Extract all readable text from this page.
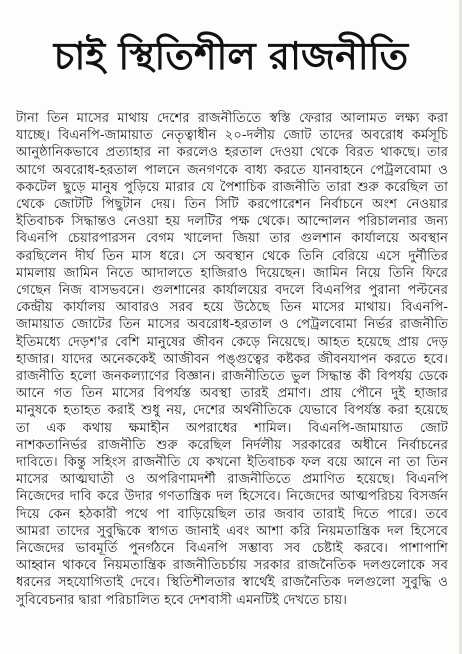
চাই স্থিতিশীল রাজনীতি
টানা তিন মাসের মাথায় দেশের রাজনীতিতে স্বস্তি ফেরার আলামত লক্ষ্য করা
যাচ্ছে। বিএনপি-জামায়াত নেতৃত্বাধীন ২০-দলীয় জোট তাদের অবরোধ কর্মসূচি
আনুষ্ঠানিকভাবে প্রত্যাহার না করলেও হরতাল দেওয়া থেকে বিরত থাকছে। তার
আগে অবরোধ-হরতাল পালনে জনগণকে বাধ্য করতে যানবাহনে পেট্রলবোমা ও
ককটেল ছুড়ে মানুষ পুড়িয়ে মারার যে পৈশাচিক রাজনীতি তারা শুরু করেছিল তা
থেকে জোটটি পিছুটান দেয়। তিন সিটি করপোরেশন নির্বাচনে অংশ নেওয়ার
ইতিবাচক সিদ্ধান্তও নেওয়া হয় দলটির পক্ষ থেকে। আন্দোলন পরিচালনার জন্য
বিএনপি চেয়ারপারসন বেগম খালেদা জিয়া তার গুলশান কার্যালয়ে অবস্থান
করছিলেন দীর্ঘ তিন মাস ধরে। সে অবস্থান থেকে তিনি বেরিয়ে এসে দুর্নীতির
মামলায় জামিন নিতে আদালতে হাজিরাও দিয়েছেন। জামিন নিয়ে তিনি ফিরে
গেছেন নিজ বাসভবনে। গুলশানের কার্যালয়ের বদলে বিএনপির পুরানা পল্টনের
কেন্দ্রীয় কার্যালয় আবারও সরব হয়ে উঠেছে তিন মাসের মাথায়। বিএনপি-
জামায়াত জোটের তিন মাসের অবরোধ-হরতাল ও পেট্রলবোমা নির্ভর রাজনীতি
ইতিমধ্যে দেড়শ'র বেশি মানুষের জীবন কেড়ে নিয়েছে। আহত হয়েছে প্রায় দেড়
হাজার। যাদের অনেককেই আজীবন পঙ্গুত্বের কষ্টকর জীবনযাপন করতে হবে।
রাজনীতি হলো জনকল্যাণের বিজ্ঞান। রাজনীতিতে ভুল সিদ্ধান্ত কী বিপর্যয় ডেকে
আনে গত তিন মাসের বিপর্যস্ত অবস্থা তারই প্রমাণ। প্রায় পৌনে দুই হাজার
মানুষকে হতাহত করাই শুধু নয়, দেশের অর্থনীতিকে যেভাবে বিপর্যস্ত করা হয়েছে
তা এক কথায় ক্ষমাহীন অপরাধের শামিল। বিএনপি-জামায়াত জোট
নাশকতানির্ভর রাজনীতি শুরু করেছিল নির্দলীয় সরকারের অধীনে নির্বাচনের
দাবিতে। কিন্তু সহিংস রাজনীতি যে কখনো ইতিবাচক ফল বয়ে আনে না তা তিন
মাসের আত্মঘাতী ও অপরিণামদর্শী রাজনীতিতে প্রমাণিত হয়েছে। বিএনপি
নিজেদের দাবি করে উদার গণতান্ত্রিক দল হিসেবে। নিজেদের আত্মপরিচয় বিসর্জন
দিয়ে কেন হঠকারী পথে পা বাড়িয়েছিল তার জবাব তারাই দিতে পারে। তবে
আমরা তাদের সুবুদ্ধিকে স্বাগত জানাই এবং আশা করি নিয়মতান্ত্রিক দল হিসেবে
নিজেদের ভাবমূর্তি পুনর্গঠনে বিএনপি সম্ভাব্য সব চেষ্টাই করবে। পাশাপাশি
আহ্বান থাকবে নিয়মতান্ত্রিক রাজনীতিচর্চায় সরকার রাজনৈতিক দলগুলোকে সব
ধরনের সহযোগিতাই দেবে। স্থিতিশীলতার স্বার্থেই রাজনৈতিক দলগুলো সুবুদ্ধি ও
সুবিবেচনার দ্বারা পরিচালিত হবে দেশবাসী এমনটিই দেখতে চায়।
